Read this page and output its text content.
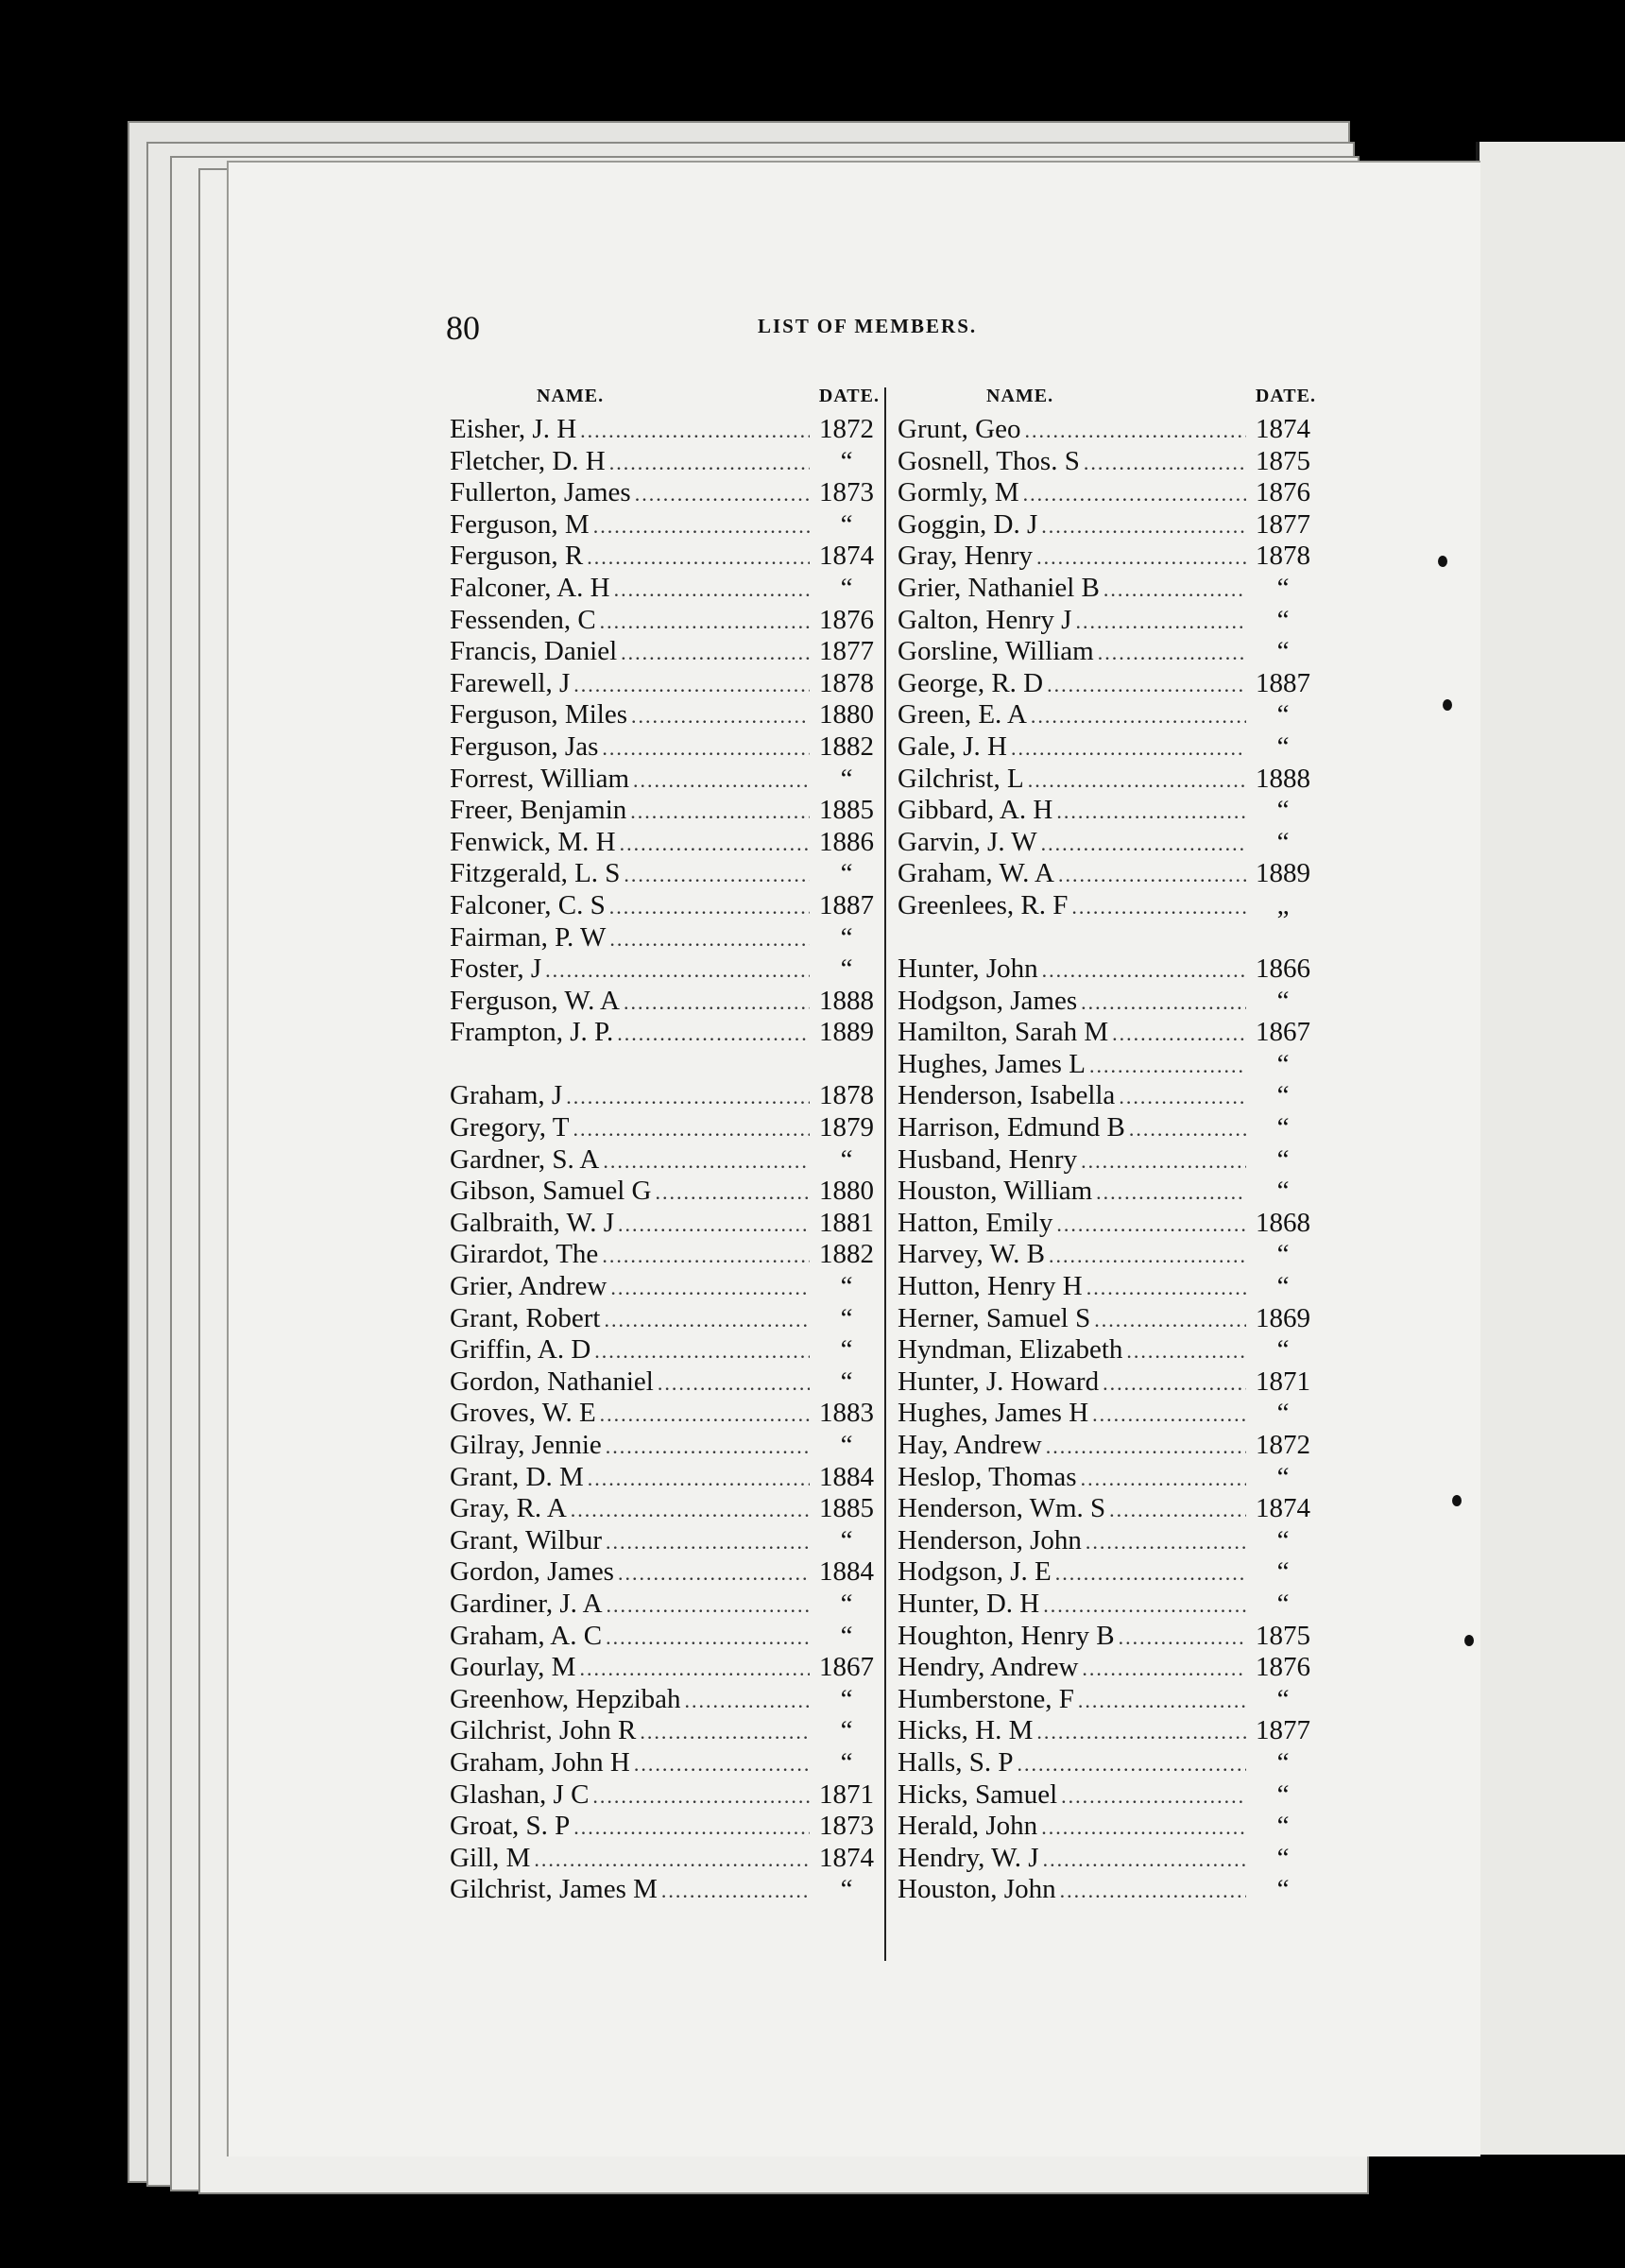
80	LIST OF MEMBERS.
NAME.	DATE.
Eisher, J. H .....	1872
Fletcher, D. H .....	“
Fullerton, James .....	1873
Ferguson, M .....	“
Ferguson, R .....	1874
Falconer, A. H .....	“
Fessenden, C .....	1876
Francis, Daniel .....	1877
Farewell, J .....	1878
Ferguson, Miles .....	1880
Ferguson, Jas .....	1882
Forrest, William .....	“
Freer, Benjamin .....	1885
Fenwick, M. H .....	1886
Fitzgerald, L. S .....	“
Falconer, C. S .....	1887
Fairman, P. W .....	“
Foster, J .....	“
Ferguson, W. A .....	1888
Frampton, J. P. .....	1889
Graham, J .....	1878
Gregory, T .....	1879
Gardner, S. A .....	“
Gibson, Samuel G .....	1880
Galbraith, W. J .....	1881
Girardot, The .....	1882
Grier, Andrew .....	“
Grant, Robert .....	“
Griffin, A. D .....	“
Gordon, Nathaniel .....	“
Groves, W. E .....	1883
Gilray, Jennie .....	“
Grant, D. M .....	1884
Gray, R. A .....	1885
Grant, Wilbur .....	“
Gordon, James .....	1884
Gardiner, J. A .....	“
Graham, A. C .....	“
Gourlay, M .....	1867
Greenhow, Hepzibah .....	“
Gilchrist, John R .....	“
Graham, John H .....	“
Glashan, J C .....	1871
Groat, S. P .....	1873
Gill, M .....	1874
Gilchrist, James M .....	“
NAME.	DATE.
Grunt, Geo .....	1874
Gosnell, Thos. S .....	1875
Gormly, M .....	1876
Goggin, D. J .....	1877
Gray, Henry .....	1878
Grier, Nathaniel B .....	“
Galton, Henry J .....	“
Gorsline, William .....	“
George, R. D .....	1887
Green, E. A .....	“
Gale, J. H .....	“
Gilchrist, L .....	1888
Gibbard, A. H .....	“
Garvin, J. W .....	“
Graham, W. A .....	1889
Greenlees, R. F .....	„
Hunter, John .....	1866
Hodgson, James .....	“
Hamilton, Sarah M .....	1867
Hughes, James L .....	“
Henderson, Isabella .....	“
Harrison, Edmund B .....	“
Husband, Henry .....	“
Houston, William .....	“
Hatton, Emily .....	1868
Harvey, W. B .....	“
Hutton, Henry H .....	“
Herner, Samuel S .....	1869
Hyndman, Elizabeth .....	“
Hunter, J. Howard .....	1871
Hughes, James H .....	“
Hay, Andrew .....	1872
Heslop, Thomas .....	“
Henderson, Wm. S .....	1874
Henderson, John .....	“
Hodgson, J. E .....	“
Hunter, D. H .....	“
Houghton, Henry B .....	1875
Hendry, Andrew .....	1876
Humberstone, F .....	“
Hicks, H. M .....	1877
Halls, S. P .....	“
Hicks, Samuel .....	“
Herald, John .....	“
Hendry, W. J .....	“
Houston, John .....	“
